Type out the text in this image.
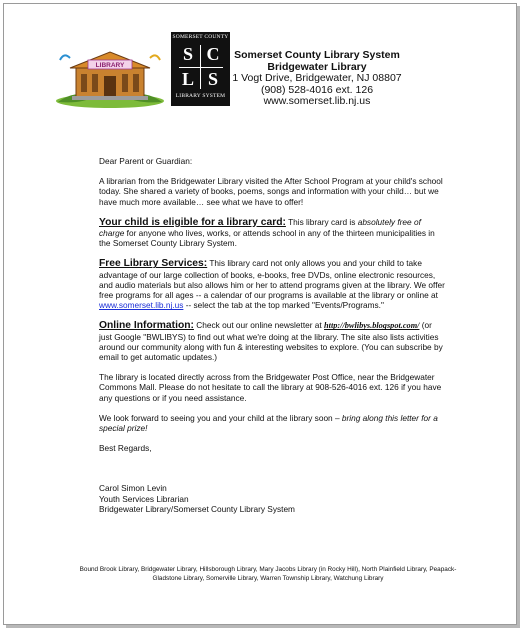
LIBRARY
SOMERSET COUNTY
S C
L S
LIBRARY SYSTEM
Somerset County Library System
Bridgewater Library
1 Vogt Drive, Bridgewater, NJ 08807
(908) 528-4016 ext. 126
www.somerset.lib.nj.us

Dear Parent or Guardian:

A librarian from the Bridgewater Library visited the After School Program at your child's school today. She shared a variety of books, poems, songs and information with your child… but we have much more available… see what we have to offer!

Your child is eligible for a library card: This library card is absolutely free of charge for anyone who lives, works, or attends school in any of the thirteen municipalities in the Somerset County Library System.

Free Library Services: This library card not only allows you and your child to take advantage of our large collection of books, e-books, free DVDs, online electronic resources, and audio materials but also allows him or her to attend programs given at the library. We offer free programs for all ages -- a calendar of our programs is available at the library or online at www.somerset.lib.nj.us -- select the tab at the top marked "Events/Programs."

Online Information: Check out our online newsletter at http://bwlibys.blogspot.com/ (or just Google "BWLIBYS) to find out what we're doing at the library. The site also lists activities around our community along with fun & interesting websites to explore. (You can subscribe by email to get automatic updates.)

The library is located directly across from the Bridgewater Post Office, near the Bridgewater Commons Mall. Please do not hesitate to call the library at 908-526-4016 ext. 126 if you have any questions or if you need assistance.

We look forward to seeing you and your child at the library soon – bring along this letter for a special prize!

Best Regards,

Carol Simon Levin
Youth Services Librarian
Bridgewater Library/Somerset County Library System
Bound Brook Library, Bridgewater Library, Hillsborough Library, Mary Jacobs Library (in Rocky Hill), North Plainfield Library, Peapack-Gladstone Library, Somerville Library, Warren Township Library, Watchung Library
